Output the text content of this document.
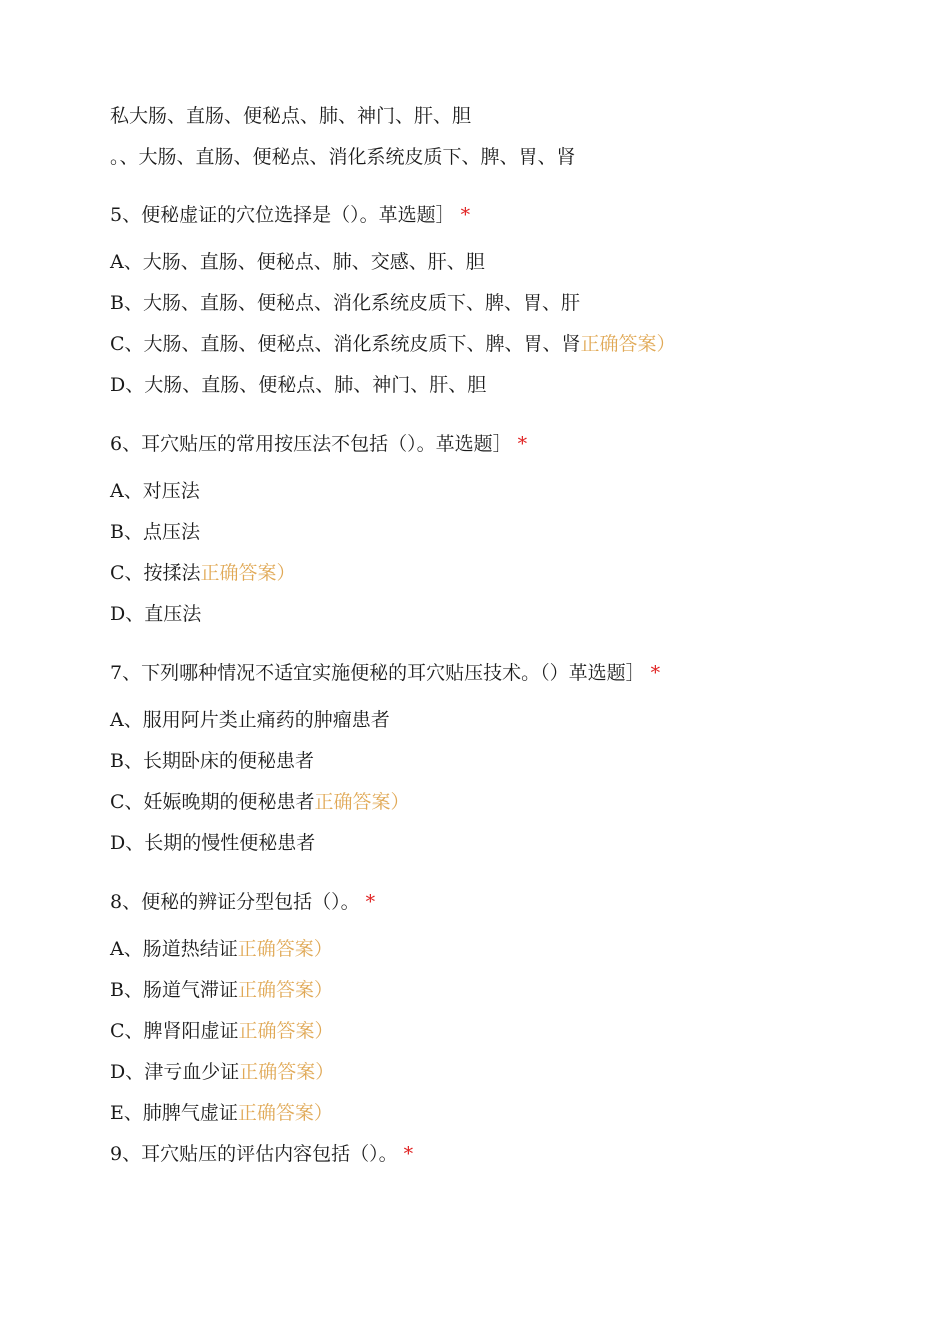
私大肠、直肠、便秘点、肺、神门、肝、胆
。、大肠、直肠、便秘点、消化系统皮质下、脾、胃、肾
5、便秘虚证的穴位选择是（）。革选题］ *
A、大肠、直肠、便秘点、肺、交感、肝、胆
B、大肠、直肠、便秘点、消化系统皮质下、脾、胃、肝
C、大肠、直肠、便秘点、消化系统皮质下、脾、胃、肾正确答案）
D、大肠、直肠、便秘点、肺、神门、肝、胆
6、耳穴贴压的常用按压法不包括（）。革选题］ *
A、对压法
B、点压法
C、按揉法正确答案）
D、直压法
7、下列哪种情况不适宜实施便秘的耳穴贴压技术。（）革选题］ *
A、服用阿片类止痛药的肿瘤患者
B、长期卧床的便秘患者
C、妊娠晚期的便秘患者正确答案）
D、长期的慢性便秘患者
8、便秘的辨证分型包括（）。 *
A、肠道热结证正确答案）
B、肠道气滞证正确答案）
C、脾肾阳虚证正确答案）
D、津亏血少证正确答案）
E、肺脾气虚证正确答案）
9、耳穴贴压的评估内容包括（）。 *
